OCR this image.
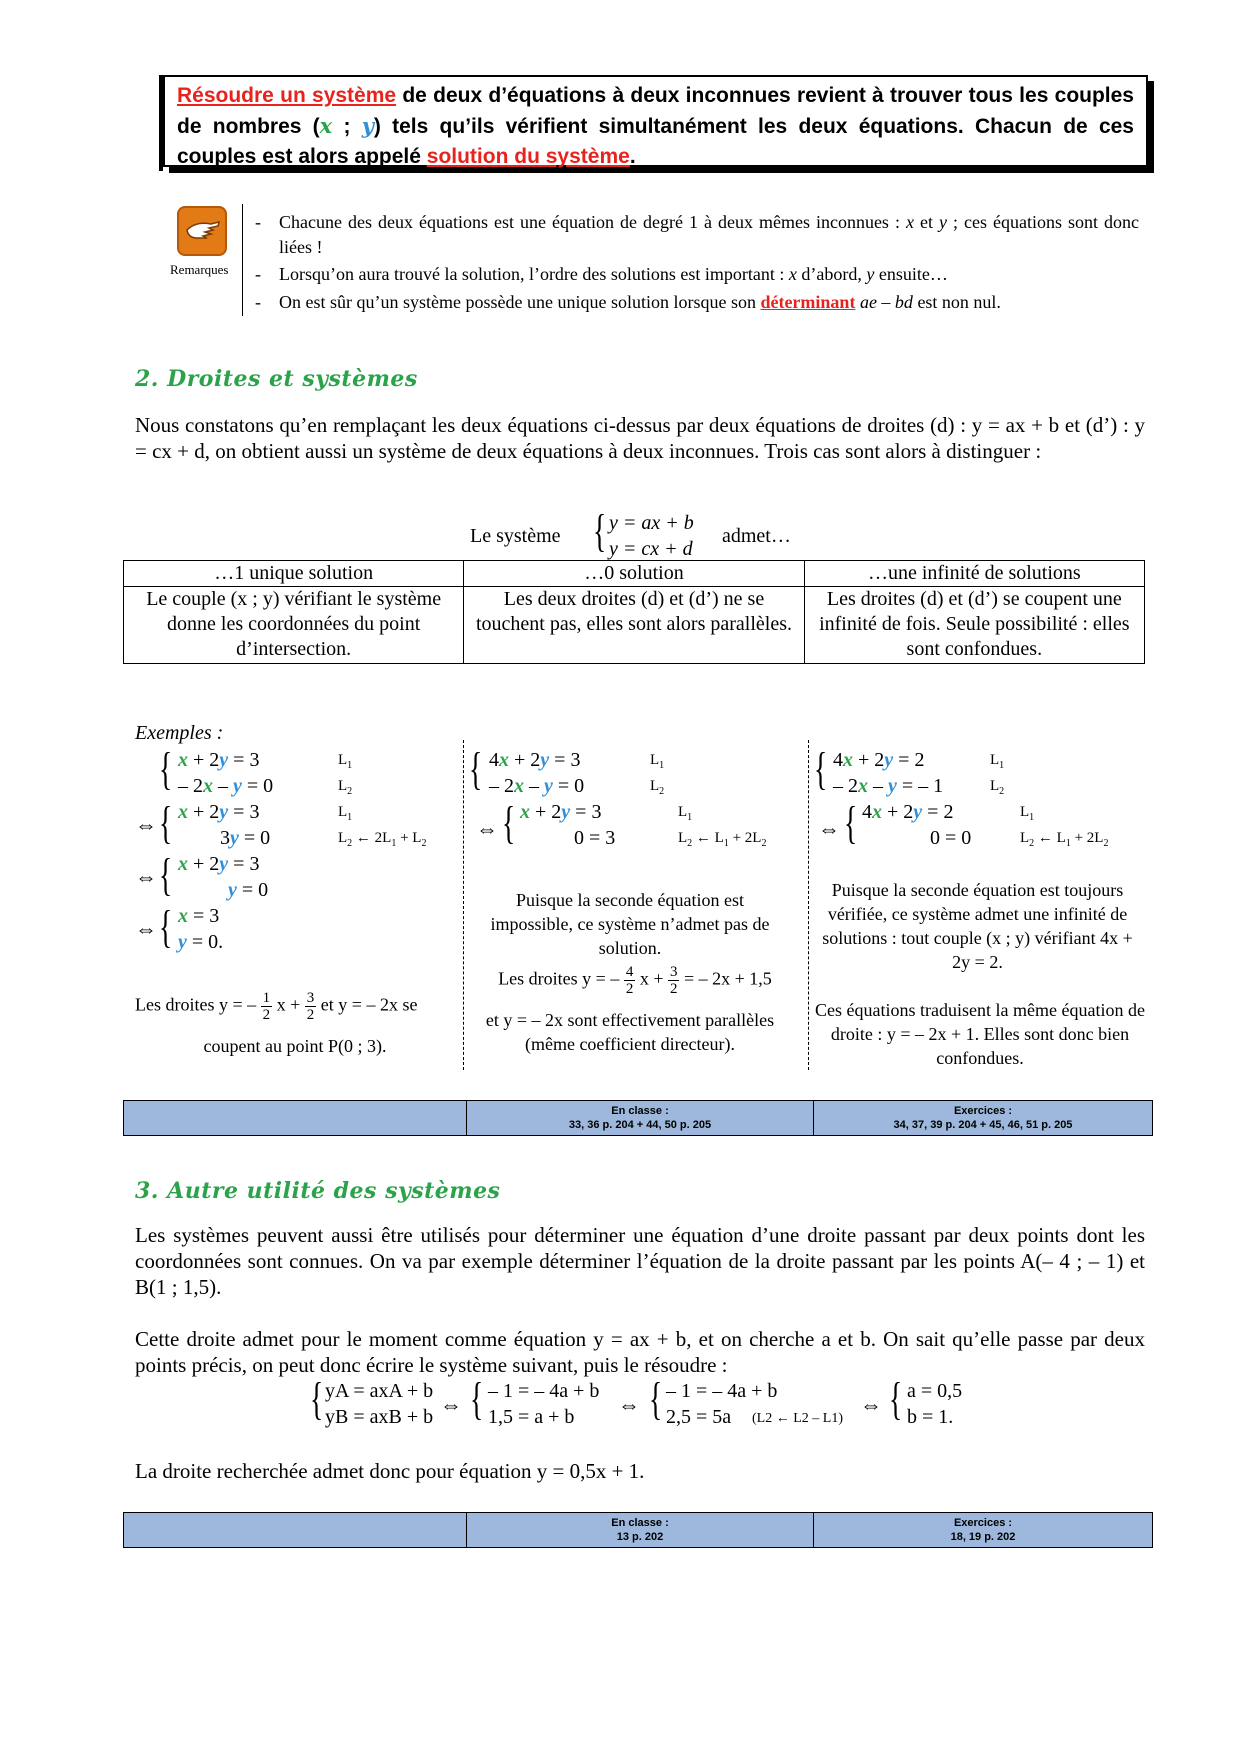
Résoudre un système de deux d’équations à deux inconnues revient à trouver tous les couples de nombres (x ; y) tels qu’ils vérifient simultanément les deux équations. Chacun de ces couples est alors appelé solution du système.
Remarques
- Chacune des deux équations est une équation de degré 1 à deux mêmes inconnues : x et y ; ces équations sont donc liées !
- Lorsqu’on aura trouvé la solution, l’ordre des solutions est important : x d’abord, y ensuite…
- On est sûr qu’un système possède une unique solution lorsque son déterminant ae – bd est non nul.
2. Droites et systèmes
Nous constatons qu’en remplaçant les deux équations ci-dessus par deux équations de droites (d) : y = ax + b et (d’) : y = cx + d, on obtient aussi un système de deux équations à deux inconnues. Trois cas sont alors à distinguer :
Le système { y = ax + b
y = cx + d
admet…
…1 unique solution	…0 solution	…une infinité de solutions
Le couple (x ; y) vérifiant le système donne les coordonnées du point d’intersection.	Les deux droites (d) et (d’) ne se touchent pas, elles sont alors parallèles.	Les droites (d) et (d’) se coupent une infinité de fois. Seule possibilité : elles sont confondues.
Exemples :
{ x + 2y = 3
– 2x – y = 0
$L_1$
$L_2$
⇔ { x + 2y = 3
3y = 0
$L_1$
$L_2$ ← $2L_1 + L_2$
⇔ { x + 2y = 3
y = 0
⇔ { x = 3
y = 0.
Les droites y = – $\frac{1}{2}$ $x + \frac{3}{2}$ et y = – 2x se
coupent au point P(0 ; 3).
{ 4x + 2y = 3
– 2x – y = 0
$L_1$
$L_2$
⇔ { x + 2y = 3
0 = 3
$L_1$
$L_2$ ← $L_1 + 2L_2$
Puisque la seconde équation est impossible, ce système n’admet pas de solution.
Les droites y = – $\frac{4}{2}$ $x + \frac{3}{2}$ = – 2x + 1,5
et y = – 2x sont effectivement parallèles (même coefficient directeur).
{ 4x + 2y = 2
– 2x – y = – 1
$L_1$
$L_2$
⇔ { 4x + 2y = 2
0 = 0
$L_1$
$L_2$ ← $L_1 + 2L_2$
Puisque la seconde équation est toujours vérifiée, ce système admet une infinité de solutions : tout couple (x ; y) vérifiant 4x + 2y = 2.
Ces équations traduisent la même équation de droite : y = – 2x + 1. Elles sont donc bien confondues.

En classe :
33, 36 p. 204 + 44, 50 p. 205

Exercices :
34, 37, 39 p. 204 + 45, 46, 51 p. 205
3. Autre utilité des systèmes
Les systèmes peuvent aussi être utilisés pour déterminer une équation d’une droite passant par deux points dont les coordonnées sont connues. On va par exemple déterminer l’équation de la droite passant par les points A(– 4 ; – 1) et B(1 ; 1,5).
Cette droite admet pour le moment comme équation y = ax + b, et on cherche a et b. On sait qu’elle passe par deux points précis, on peut donc écrire le système suivant, puis le résoudre :
{ yA = axA + b
yB = axB + b ⇔ { – 1 = – 4a + b
1,5 = a + b ⇔ { – 1 = – 4a + b
2,5 = 5a (L2 ← L2 – L1)
⇔ { a = 0,5
b = 1.
La droite recherchée admet donc pour équation y = 0,5x + 1.

En classe :
13 p. 202

Exercices :
18, 19 p. 202
